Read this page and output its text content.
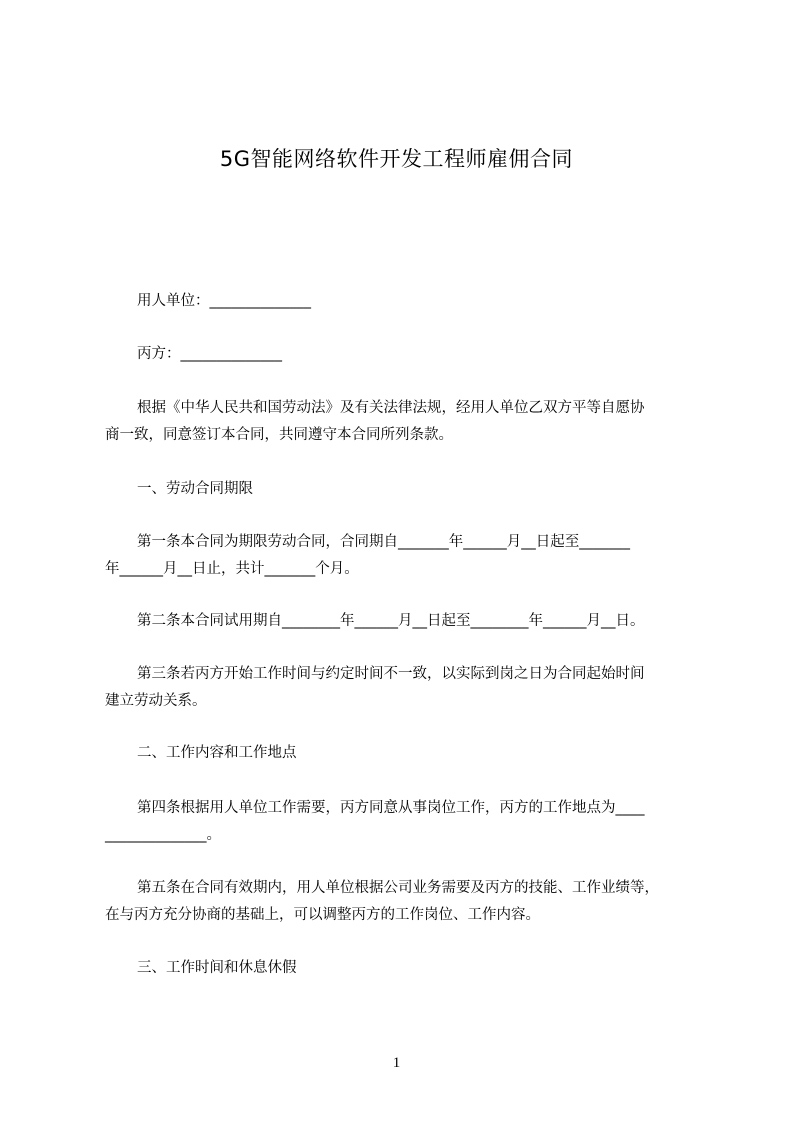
5G智能网络软件开发工程师雇佣合同
用人单位：______________
丙方：______________
根据《中华人民共和国劳动法》及有关法律法规，经用人单位乙双方平等自愿协
商一致，同意签订本合同，共同遵守本合同所列条款。
一、劳动合同期限
第一条本合同为期限劳动合同，合同期自_______年______月__日起至_______
年______月__日止，共计_______个月。
第二条本合同试用期自________年______月__日起至________年______月__日。
第三条若丙方开始工作时间与约定时间不一致，以实际到岗之日为合同起始时间
建立劳动关系。
二、工作内容和工作地点
第四条根据用人单位工作需要，丙方同意从事岗位工作，丙方的工作地点为____
______________。
第五条在合同有效期内，用人单位根据公司业务需要及丙方的技能、工作业绩等，
在与丙方充分协商的基础上，可以调整丙方的工作岗位、工作内容。
三、工作时间和休息休假
1
